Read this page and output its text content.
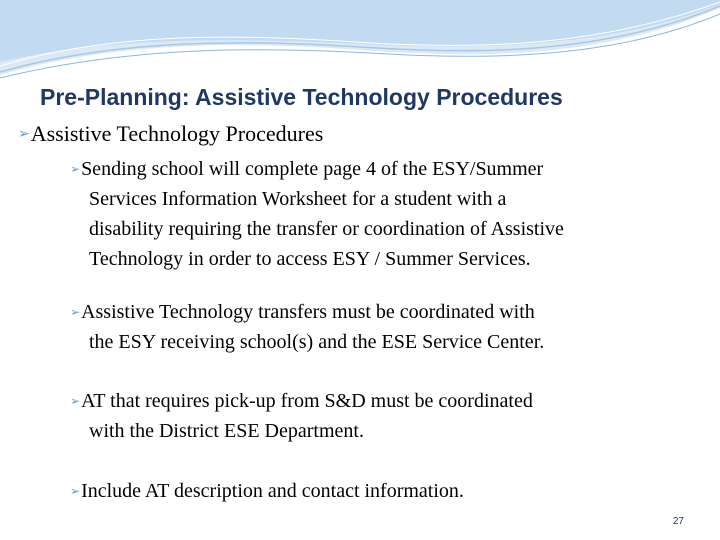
Pre-Planning: Assistive Technology Procedures
➢Assistive Technology Procedures
➢Sending school will complete page 4 of the ESY/Summer
Services Information Worksheet for a student with a
disability requiring the transfer or coordination of Assistive
Technology in order to access ESY / Summer Services.
➢Assistive Technology transfers must be coordinated with
the ESY receiving school(s) and the ESE Service Center.
➢AT that requires pick-up from S&D must be coordinated
with the District ESE Department.
➢Include AT description and contact information.
27
